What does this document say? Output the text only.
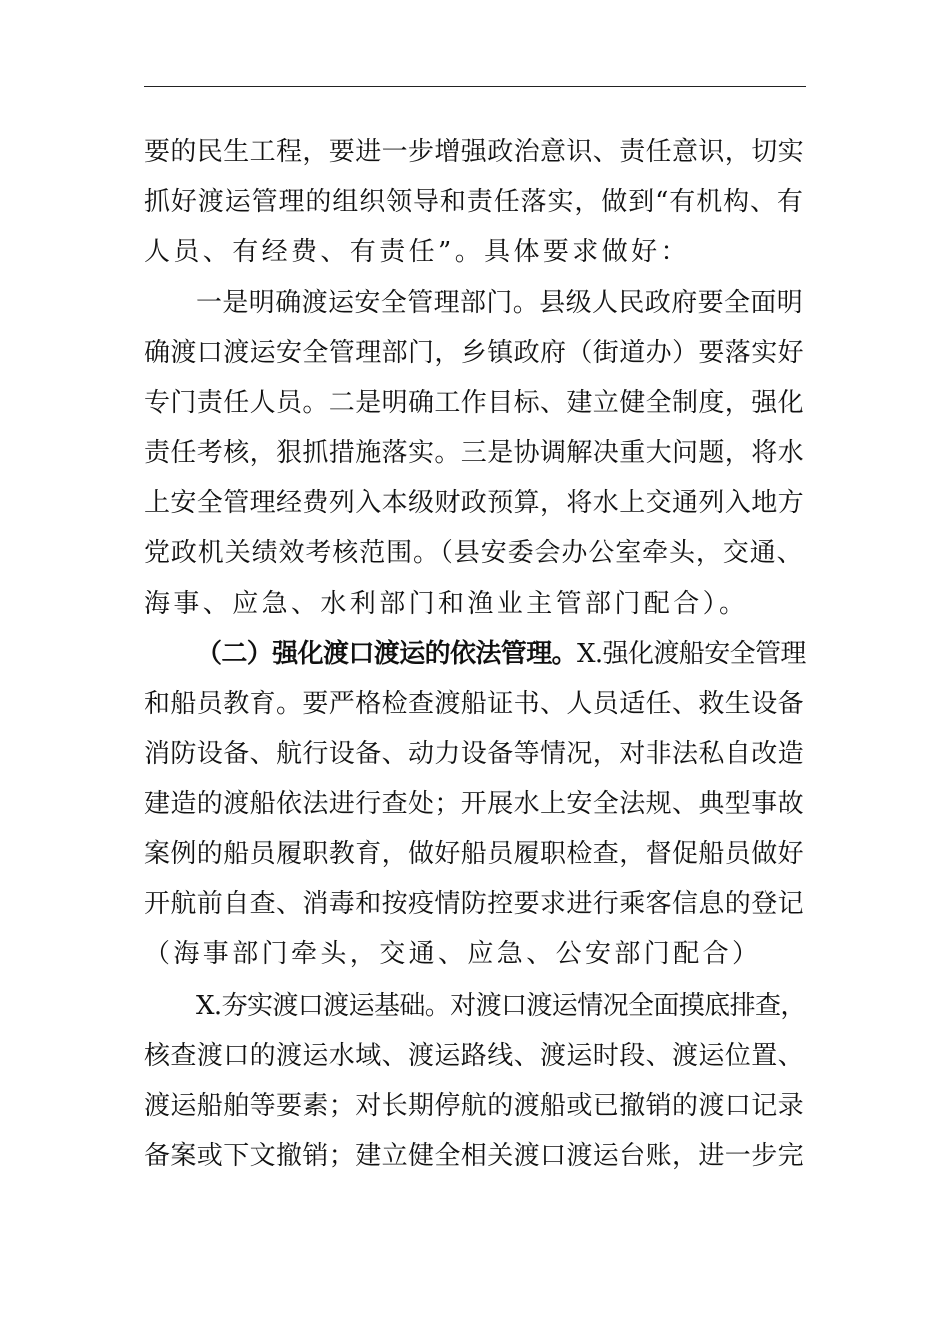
要的民生工程，要进一步增强政治意识、责任意识，切实
抓好渡运管理的组织领导和责任落实，做到“有机构、有
人员、有经费、有责任”。具体要求做好：
一是明确渡运安全管理部门。县级人民政府要全面明
确渡口渡运安全管理部门，乡镇政府（街道办）要落实好
专门责任人员。二是明确工作目标、建立健全制度，强化
责任考核，狠抓措施落实。三是协调解决重大问题，将水
上安全管理经费列入本级财政预算，将水上交通列入地方
党政机关绩效考核范围。（县安委会办公室牵头，交通、
海事、应急、水利部门和渔业主管部门配合）。
（二）强化渡口渡运的依法管理。X.强化渡船安全管理
和船员教育。要严格检查渡船证书、人员适任、救生设备
消防设备、航行设备、动力设备等情况，对非法私自改造
建造的渡船依法进行查处；开展水上安全法规、典型事故
案例的船员履职教育，做好船员履职检查，督促船员做好
开航前自查、消毒和按疫情防控要求进行乘客信息的登记
（海事部门牵头，交通、应急、公安部门配合）
X.夯实渡口渡运基础。对渡口渡运情况全面摸底排查，
核查渡口的渡运水域、渡运路线、渡运时段、渡运位置、
渡运船舶等要素；对长期停航的渡船或已撤销的渡口记录
备案或下文撤销；建立健全相关渡口渡运台账，进一步完
